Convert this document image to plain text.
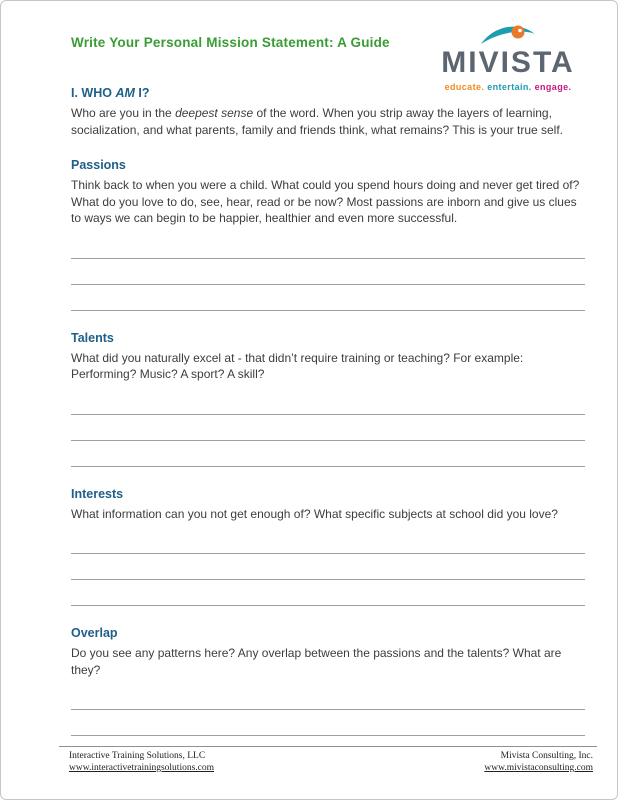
Write Your Personal Mission Statement: A Guide
MIVISTA
educate. entertain. engage.
I. WHO AM I?

Who are you in the deepest sense of the word. When you strip away the layers of learning, socialization, and what parents, family and friends think, what remains? This is your true self.

Passions

Think back to when you were a child. What could you spend hours doing and never get tired of? What do you love to do, see, hear, read or be now? Most passions are inborn and give us clues to ways we can begin to be happier, healthier and even more successful.

Talents

What did you naturally excel at - that didn’t require training or teaching? For example: Performing? Music? A sport? A skill?

Interests

What information can you not get enough of? What specific subjects at school did you love?

Overlap

Do you see any patterns here? Any overlap between the passions and the talents? What are they?

Interactive Training Solutions, LLC
www.interactivetrainingsolutions.com
Mivista Consulting, Inc.
www.mivistaconsulting.com
